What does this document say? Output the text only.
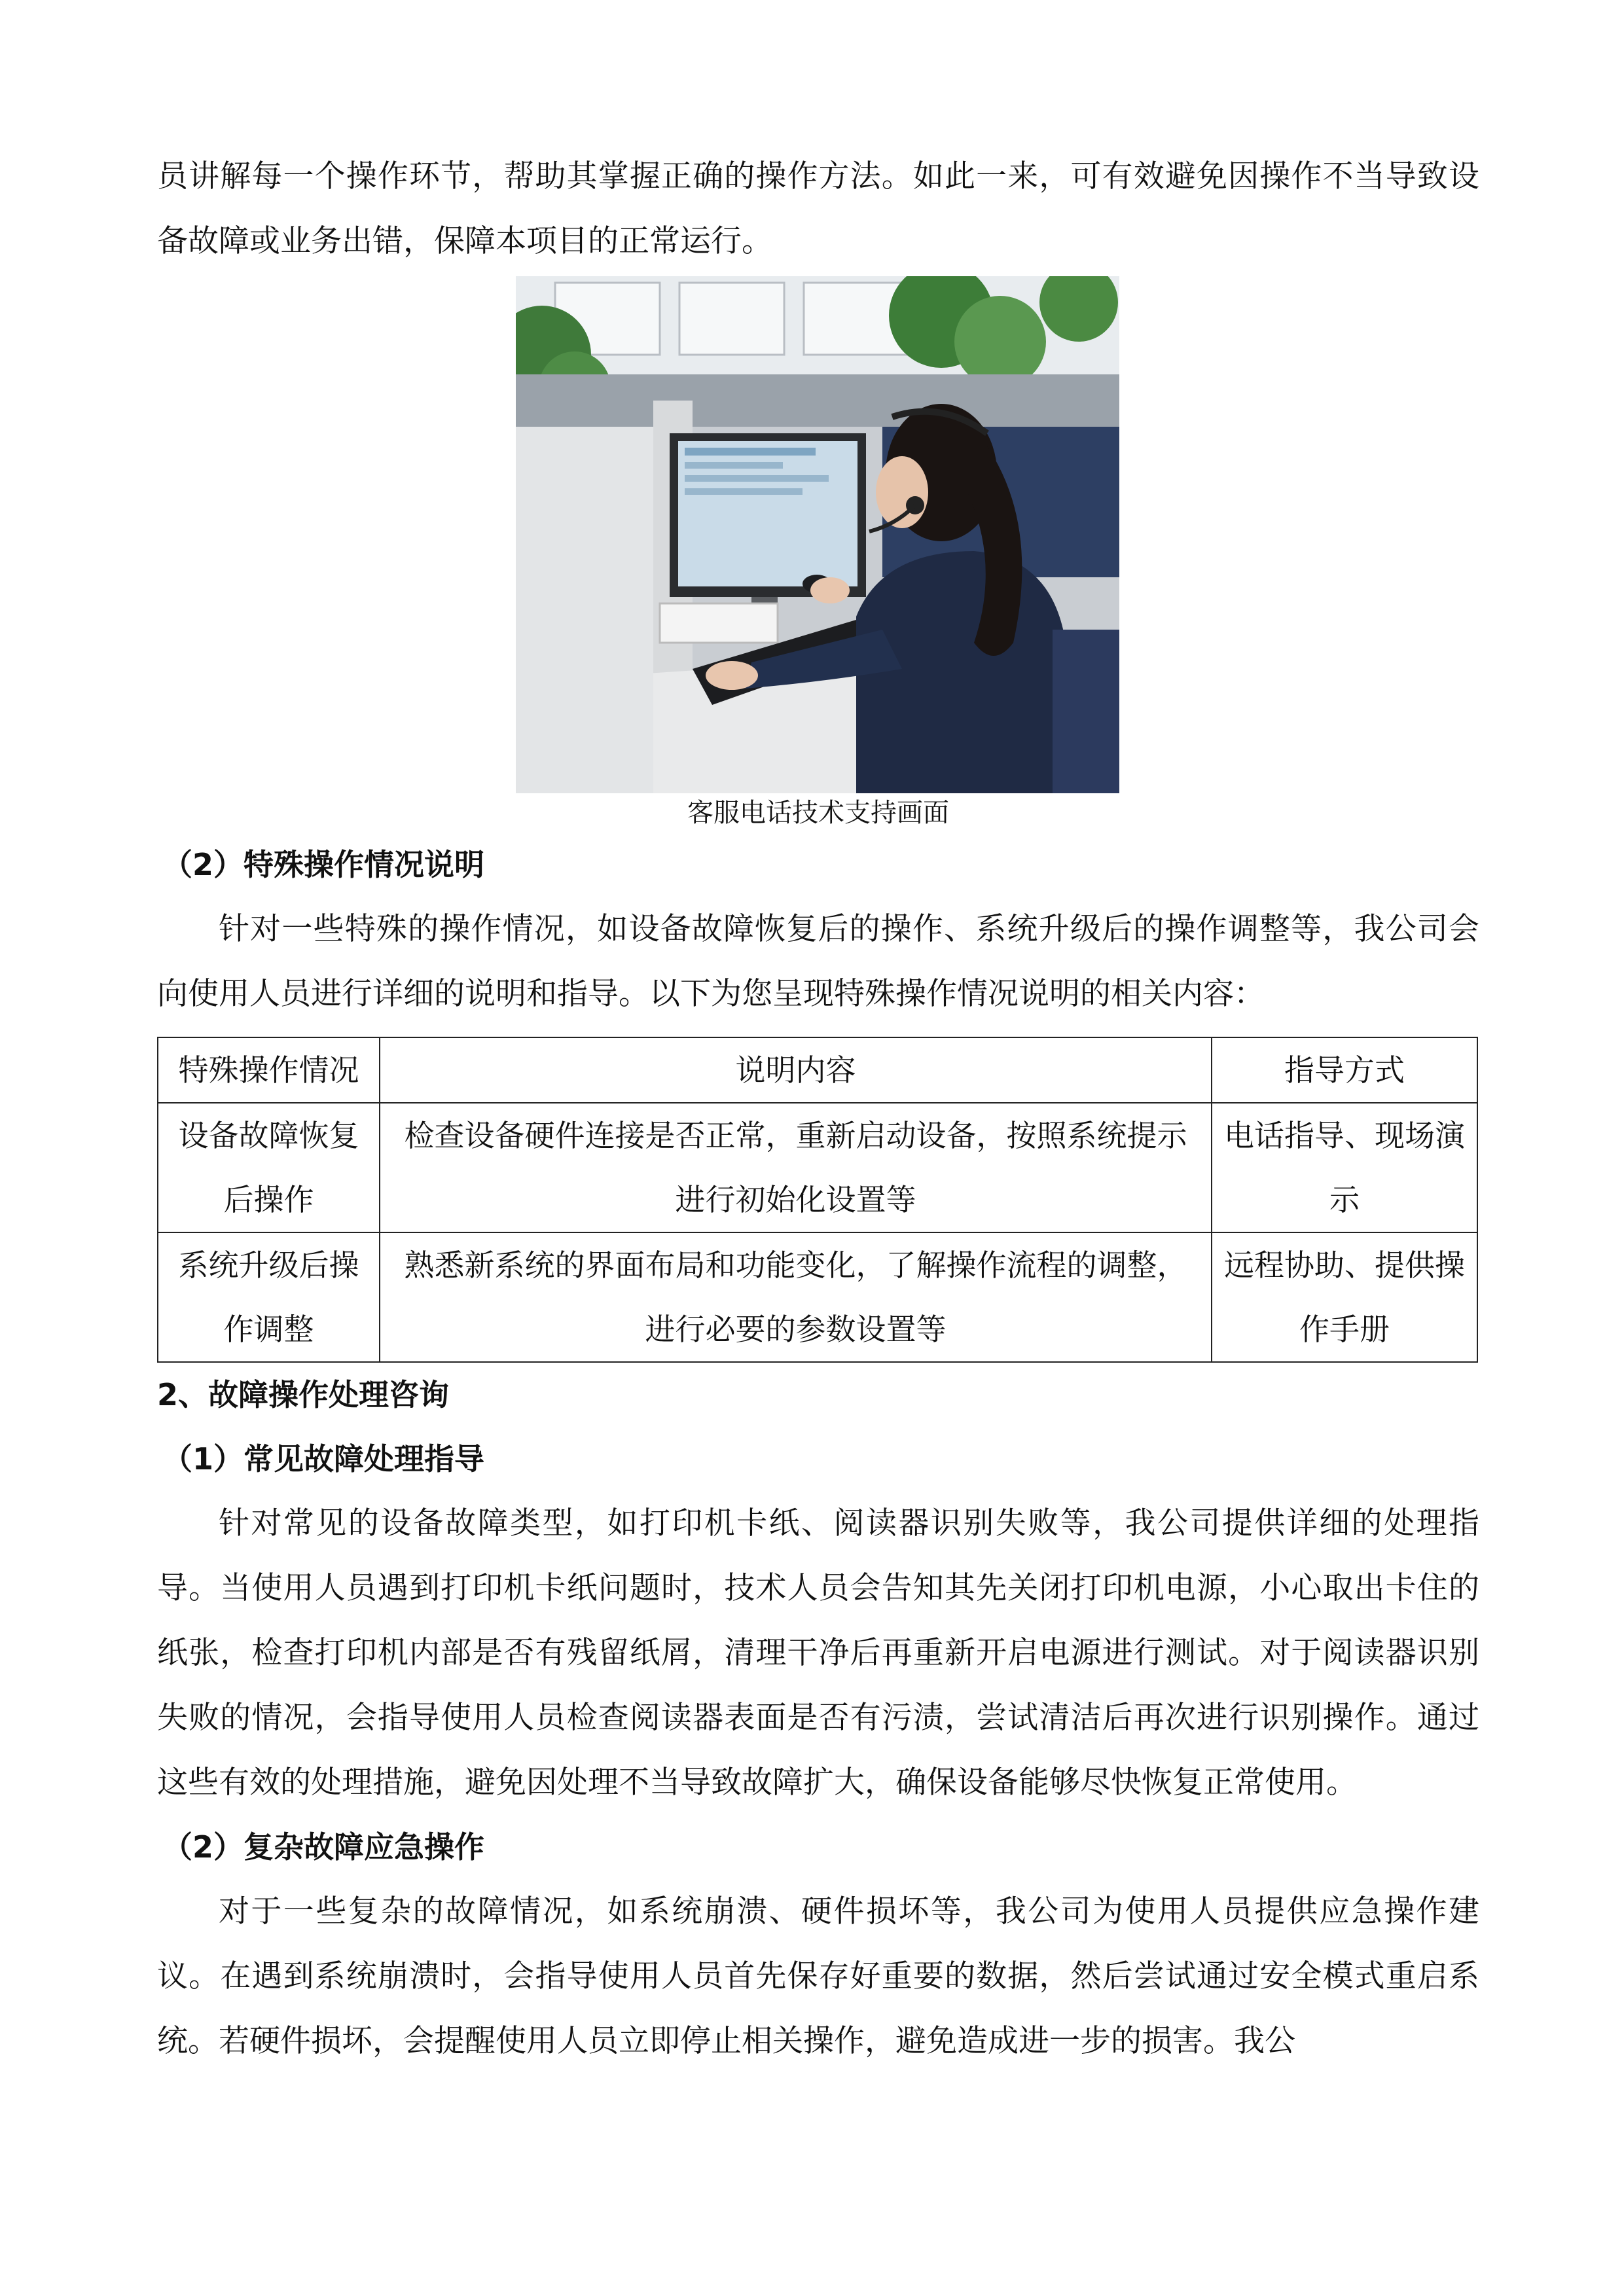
员讲解每一个操作环节，帮助其掌握正确的操作方法。如此一来，可有效避免因操作不当导致设备故障或业务出错，保障本项目的正常运行。

客服电话技术支持画面

（2）特殊操作情况说明

针对一些特殊的操作情况，如设备故障恢复后的操作、系统升级后的操作调整等，我公司会向使用人员进行详细的说明和指导。以下为您呈现特殊操作情况说明的相关内容：

特殊操作情况	说明内容	指导方式
设备故障恢复后操作	检查设备硬件连接是否正常，重新启动设备，按照系统提示进行初始化设置等	电话指导、现场演示
系统升级后操作调整	熟悉新系统的界面布局和功能变化，了解操作流程的调整，进行必要的参数设置等	远程协助、提供操作手册

2、故障操作处理咨询

（1）常见故障处理指导

针对常见的设备故障类型，如打印机卡纸、阅读器识别失败等，我公司提供详细的处理指导。当使用人员遇到打印机卡纸问题时，技术人员会告知其先关闭打印机电源，小心取出卡住的纸张，检查打印机内部是否有残留纸屑，清理干净后再重新开启电源进行测试。对于阅读器识别失败的情况，会指导使用人员检查阅读器表面是否有污渍，尝试清洁后再次进行识别操作。通过这些有效的处理措施，避免因处理不当导致故障扩大，确保设备能够尽快恢复正常使用。

（2）复杂故障应急操作

对于一些复杂的故障情况，如系统崩溃、硬件损坏等，我公司为使用人员提供应急操作建议。在遇到系统崩溃时，会指导使用人员首先保存好重要的数据，然后尝试通过安全模式重启系统。若硬件损坏，会提醒使用人员立即停止相关操作，避免造成进一步的损害。我公
